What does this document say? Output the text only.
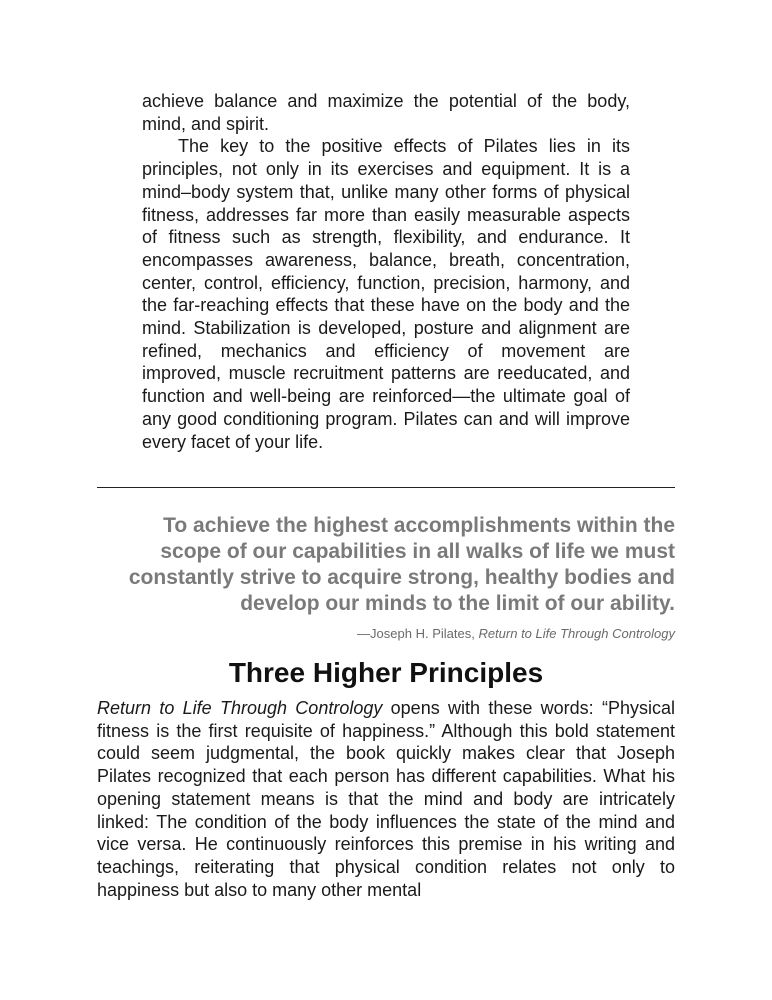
achieve balance and maximize the potential of the body, mind, and spirit.

The key to the positive effects of Pilates lies in its principles, not only in its exercises and equipment. It is a mind–body system that, unlike many other forms of physical fitness, addresses far more than easily measurable aspects of fitness such as strength, flexibility, and endurance. It encompasses awareness, balance, breath, concentration, center, control, efficiency, function, precision, harmony, and the far-reaching effects that these have on the body and the mind. Stabilization is developed, posture and alignment are refined, mechanics and efficiency of movement are improved, muscle recruitment patterns are reeducated, and function and well-being are reinforced—the ultimate goal of any good conditioning program. Pilates can and will improve every facet of your life.

To achieve the highest accomplishments within the scope of our capabilities in all walks of life we must constantly strive to acquire strong, healthy bodies and develop our minds to the limit of our ability.
—Joseph H. Pilates, Return to Life Through Contrology
Three Higher Principles

Return to Life Through Contrology opens with these words: “Physical fitness is the first requisite of happiness.” Although this bold statement could seem judgmental, the book quickly makes clear that Joseph Pilates recognized that each person has different capabilities. What his opening statement means is that the mind and body are intricately linked: The condition of the body influences the state of the mind and vice versa. He continuously reinforces this premise in his writing and teachings, reiterating that physical condition relates not only to happiness but also to many other mental
